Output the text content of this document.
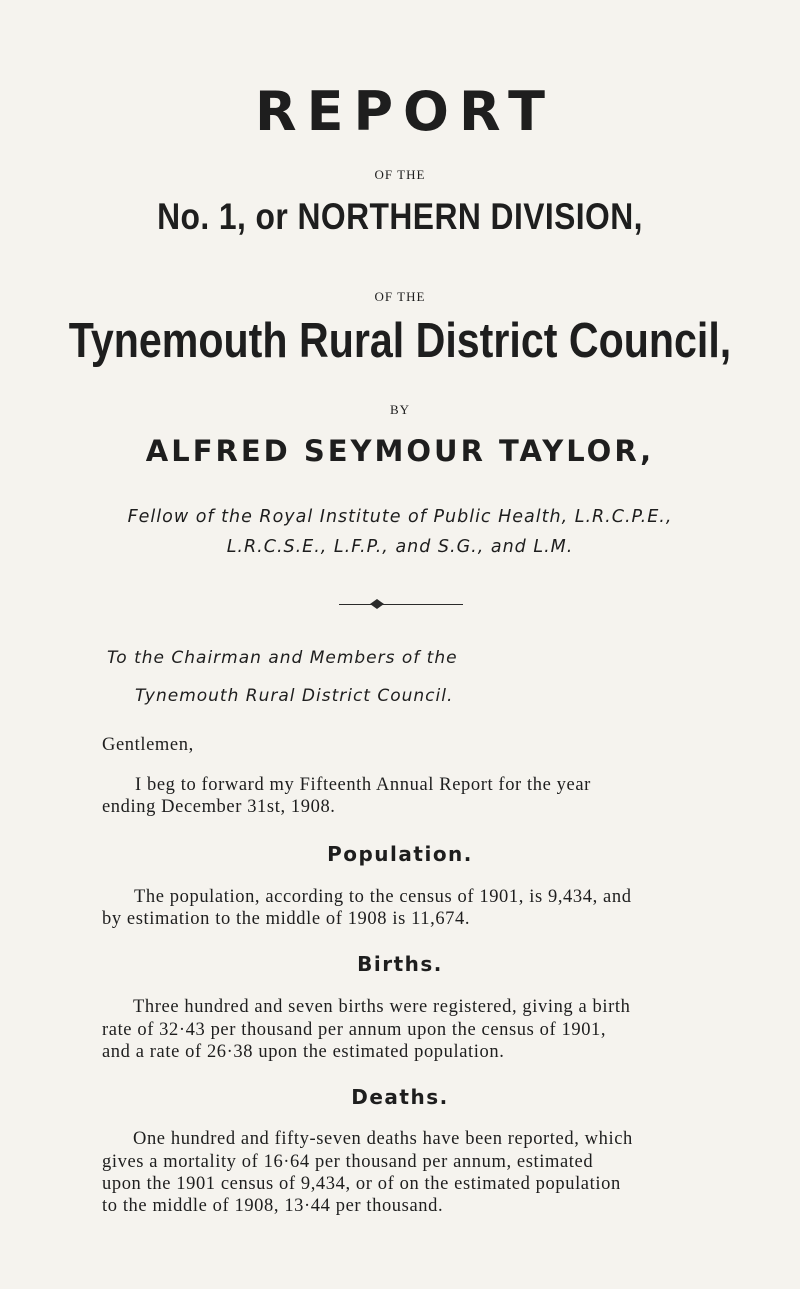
REPORT
OF THE
No. 1, or NORTHERN DIVISION,
OF THE
Tynemouth Rural District Council,
BY
ALFRED SEYMOUR TAYLOR,
Fellow of the Royal Institute of Public Health, L.R.C.P.E.,
L.R.C.S.E., L.F.P., and S.G., and L.M.
To the Chairman and Members of the
Tynemouth Rural District Council.
Gentlemen,
I beg to forward my Fifteenth Annual Report for the year
ending December 31st, 1908.
Population.
The population, according to the census of 1901, is 9,434, and
by estimation to the middle of 1908 is 11,674.
Births.
Three hundred and seven births were registered, giving a birth
rate of 32·43 per thousand per annum upon the census of 1901,
and a rate of 26·38 upon the estimated population.
Deaths.
One hundred and fifty-seven deaths have been reported, which
gives a mortality of 16·64 per thousand per annum, estimated
upon the 1901 census of 9,434, or of on the estimated population
to the middle of 1908, 13·44 per thousand.
